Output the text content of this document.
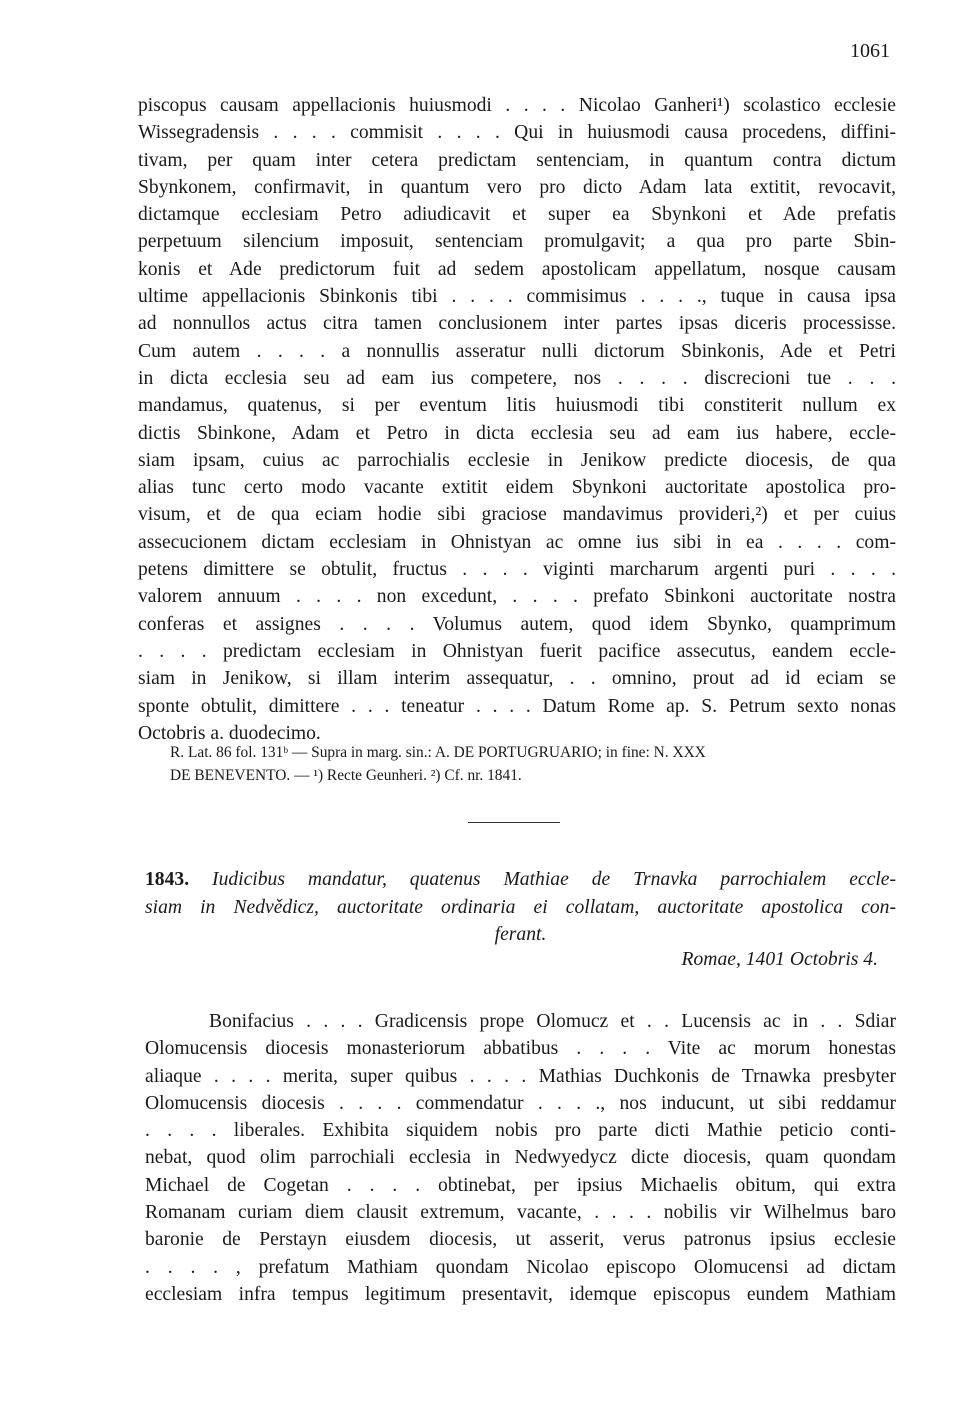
1061
piscopus causam appellacionis huiusmodi . . . . Nicolao Ganheri¹) scolastico ecclesie
Wissegradensis . . . . commisit . . . . Qui in huiusmodi causa procedens, diffini-
tivam, per quam inter cetera predictam sentenciam, in quantum contra dictum
Sbynkonem, confirmavit, in quantum vero pro dicto Adam lata extitit, revocavit,
dictamque ecclesiam Petro adiudicavit et super ea Sbynkoni et Ade prefatis
perpetuum silencium imposuit, sentenciam promulgavit; a qua pro parte Sbin-
konis et Ade predictorum fuit ad sedem apostolicam appellatum, nosque causam
ultime appellacionis Sbinkonis tibi . . . . commisimus . . . ., tuque in causa ipsa
ad nonnullos actus citra tamen conclusionem inter partes ipsas diceris processisse.
Cum autem . . . . a nonnullis asseratur nulli dictorum Sbinkonis, Ade et Petri
in dicta ecclesia seu ad eam ius competere, nos . . . . discrecioni tue . . .
mandamus, quatenus, si per eventum litis huiusmodi tibi constiterit nullum ex
dictis Sbinkone, Adam et Petro in dicta ecclesia seu ad eam ius habere, eccle-
siam ipsam, cuius ac parrochialis ecclesie in Jenikow predicte diocesis, de qua
alias tunc certo modo vacante extitit eidem Sbynkoni auctoritate apostolica pro-
visum, et de qua eciam hodie sibi graciose mandavimus provideri,²) et per cuius
assecucionem dictam ecclesiam in Ohnistyan ac omne ius sibi in ea . . . . com-
petens dimittere se obtulit, fructus . . . . viginti marcharum argenti puri . . . .
valorem annuum . . . . non excedunt, . . . . prefato Sbinkoni auctoritate nostra
conferas et assignes . . . . Volumus autem, quod idem Sbynko, quamprimum
. . . . predictam ecclesiam in Ohnistyan fuerit pacifice assecutus, eandem eccle-
siam in Jenikow, si illam interim assequatur, . . omnino, prout ad id eciam se
sponte obtulit, dimittere . . . teneatur . . . . Datum Rome ap. S. Petrum sexto nonas
Octobris a. duodecimo.
R. Lat. 86 fol. 131ᵇ — Supra in marg. sin.: A. DE PORTUGRUARIO; in fine: N. XXX
DE BENEVENTO. — ¹) Recte Geunheri. ²) Cf. nr. 1841.
1843. Iudicibus mandatur, quatenus Mathiae de Trnavka parrochialem eccle-
siam in Nedvědicz, auctoritate ordinaria ei collatam, auctoritate apostolica con-
ferant.
Romae, 1401 Octobris 4.
Bonifacius . . . . Gradicensis prope Olomucz et . . Lucensis ac in . . Sdiar
Olomucensis diocesis monasteriorum abbatibus . . . . Vite ac morum honestas
aliaque . . . . merita, super quibus . . . . Mathias Duchkonis de Trnawka presbyter
Olomucensis diocesis . . . . commendatur . . . ., nos inducunt, ut sibi reddamur
. . . . liberales. Exhibita siquidem nobis pro parte dicti Mathie peticio conti-
nebat, quod olim parrochiali ecclesia in Nedwyedycz dicte diocesis, quam quondam
Michael de Cogetan . . . . obtinebat, per ipsius Michaelis obitum, qui extra
Romanam curiam diem clausit extremum, vacante, . . . . nobilis vir Wilhelmus baro
baronie de Perstayn eiusdem diocesis, ut asserit, verus patronus ipsius ecclesie
. . . . , prefatum Mathiam quondam Nicolao episcopo Olomucensi ad dictam
ecclesiam infra tempus legitimum presentavit, idemque episcopus eundem Mathiam
